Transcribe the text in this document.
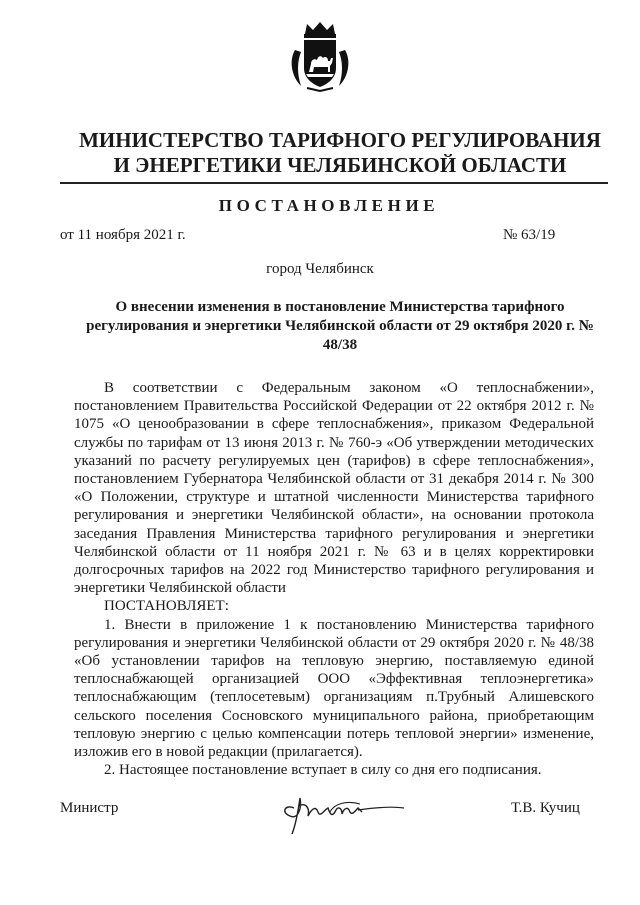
МИНИСТЕРСТВО ТАРИФНОГО РЕГУЛИРОВАНИЯ
И ЭНЕРГЕТИКИ ЧЕЛЯБИНСКОЙ ОБЛАСТИ
ПОСТАНОВЛЕНИЕ
от 11 ноября 2021 г.	№ 63/19
город Челябинск
О внесении изменения в постановление Министерства тарифного регулирования и энергетики Челябинской области от 29 октября 2020 г. № 48/38

В соответствии с Федеральным законом «О теплоснабжении», постановлением Правительства Российской Федерации от 22 октября 2012 г. № 1075 «О ценообразовании в сфере теплоснабжения», приказом Федеральной службы по тарифам от 13 июня 2013 г. № 760-э «Об утверждении методических указаний по расчету регулируемых цен (тарифов) в сфере теплоснабжения», постановлением Губернатора Челябинской области от 31 декабря 2014 г. № 300 «О Положении, структуре и штатной численности Министерства тарифного регулирования и энергетики Челябинской области», на основании протокола заседания Правления Министерства тарифного регулирования и энергетики Челябинской области от 11 ноября 2021 г. № 63 и в целях корректировки долгосрочных тарифов на 2022 год Министерство тарифного регулирования и энергетики Челябинской области

ПОСТАНОВЛЯЕТ:

1. Внести в приложение 1 к постановлению Министерства тарифного регулирования и энергетики Челябинской области от 29 октября 2020 г. № 48/38 «Об установлении тарифов на тепловую энергию, поставляемую единой теплоснабжающей организацией ООО «Эффективная теплоэнергетика» теплоснабжающим (теплосетевым) организациям п.Трубный Алишевского сельского поселения Сосновского муниципального района, приобретающим тепловую энергию с целью компенсации потерь тепловой энергии» изменение, изложив его в новой редакции (прилагается).

2. Настоящее постановление вступает в силу со дня его подписания.

Министр	Т.В. Кучиц
